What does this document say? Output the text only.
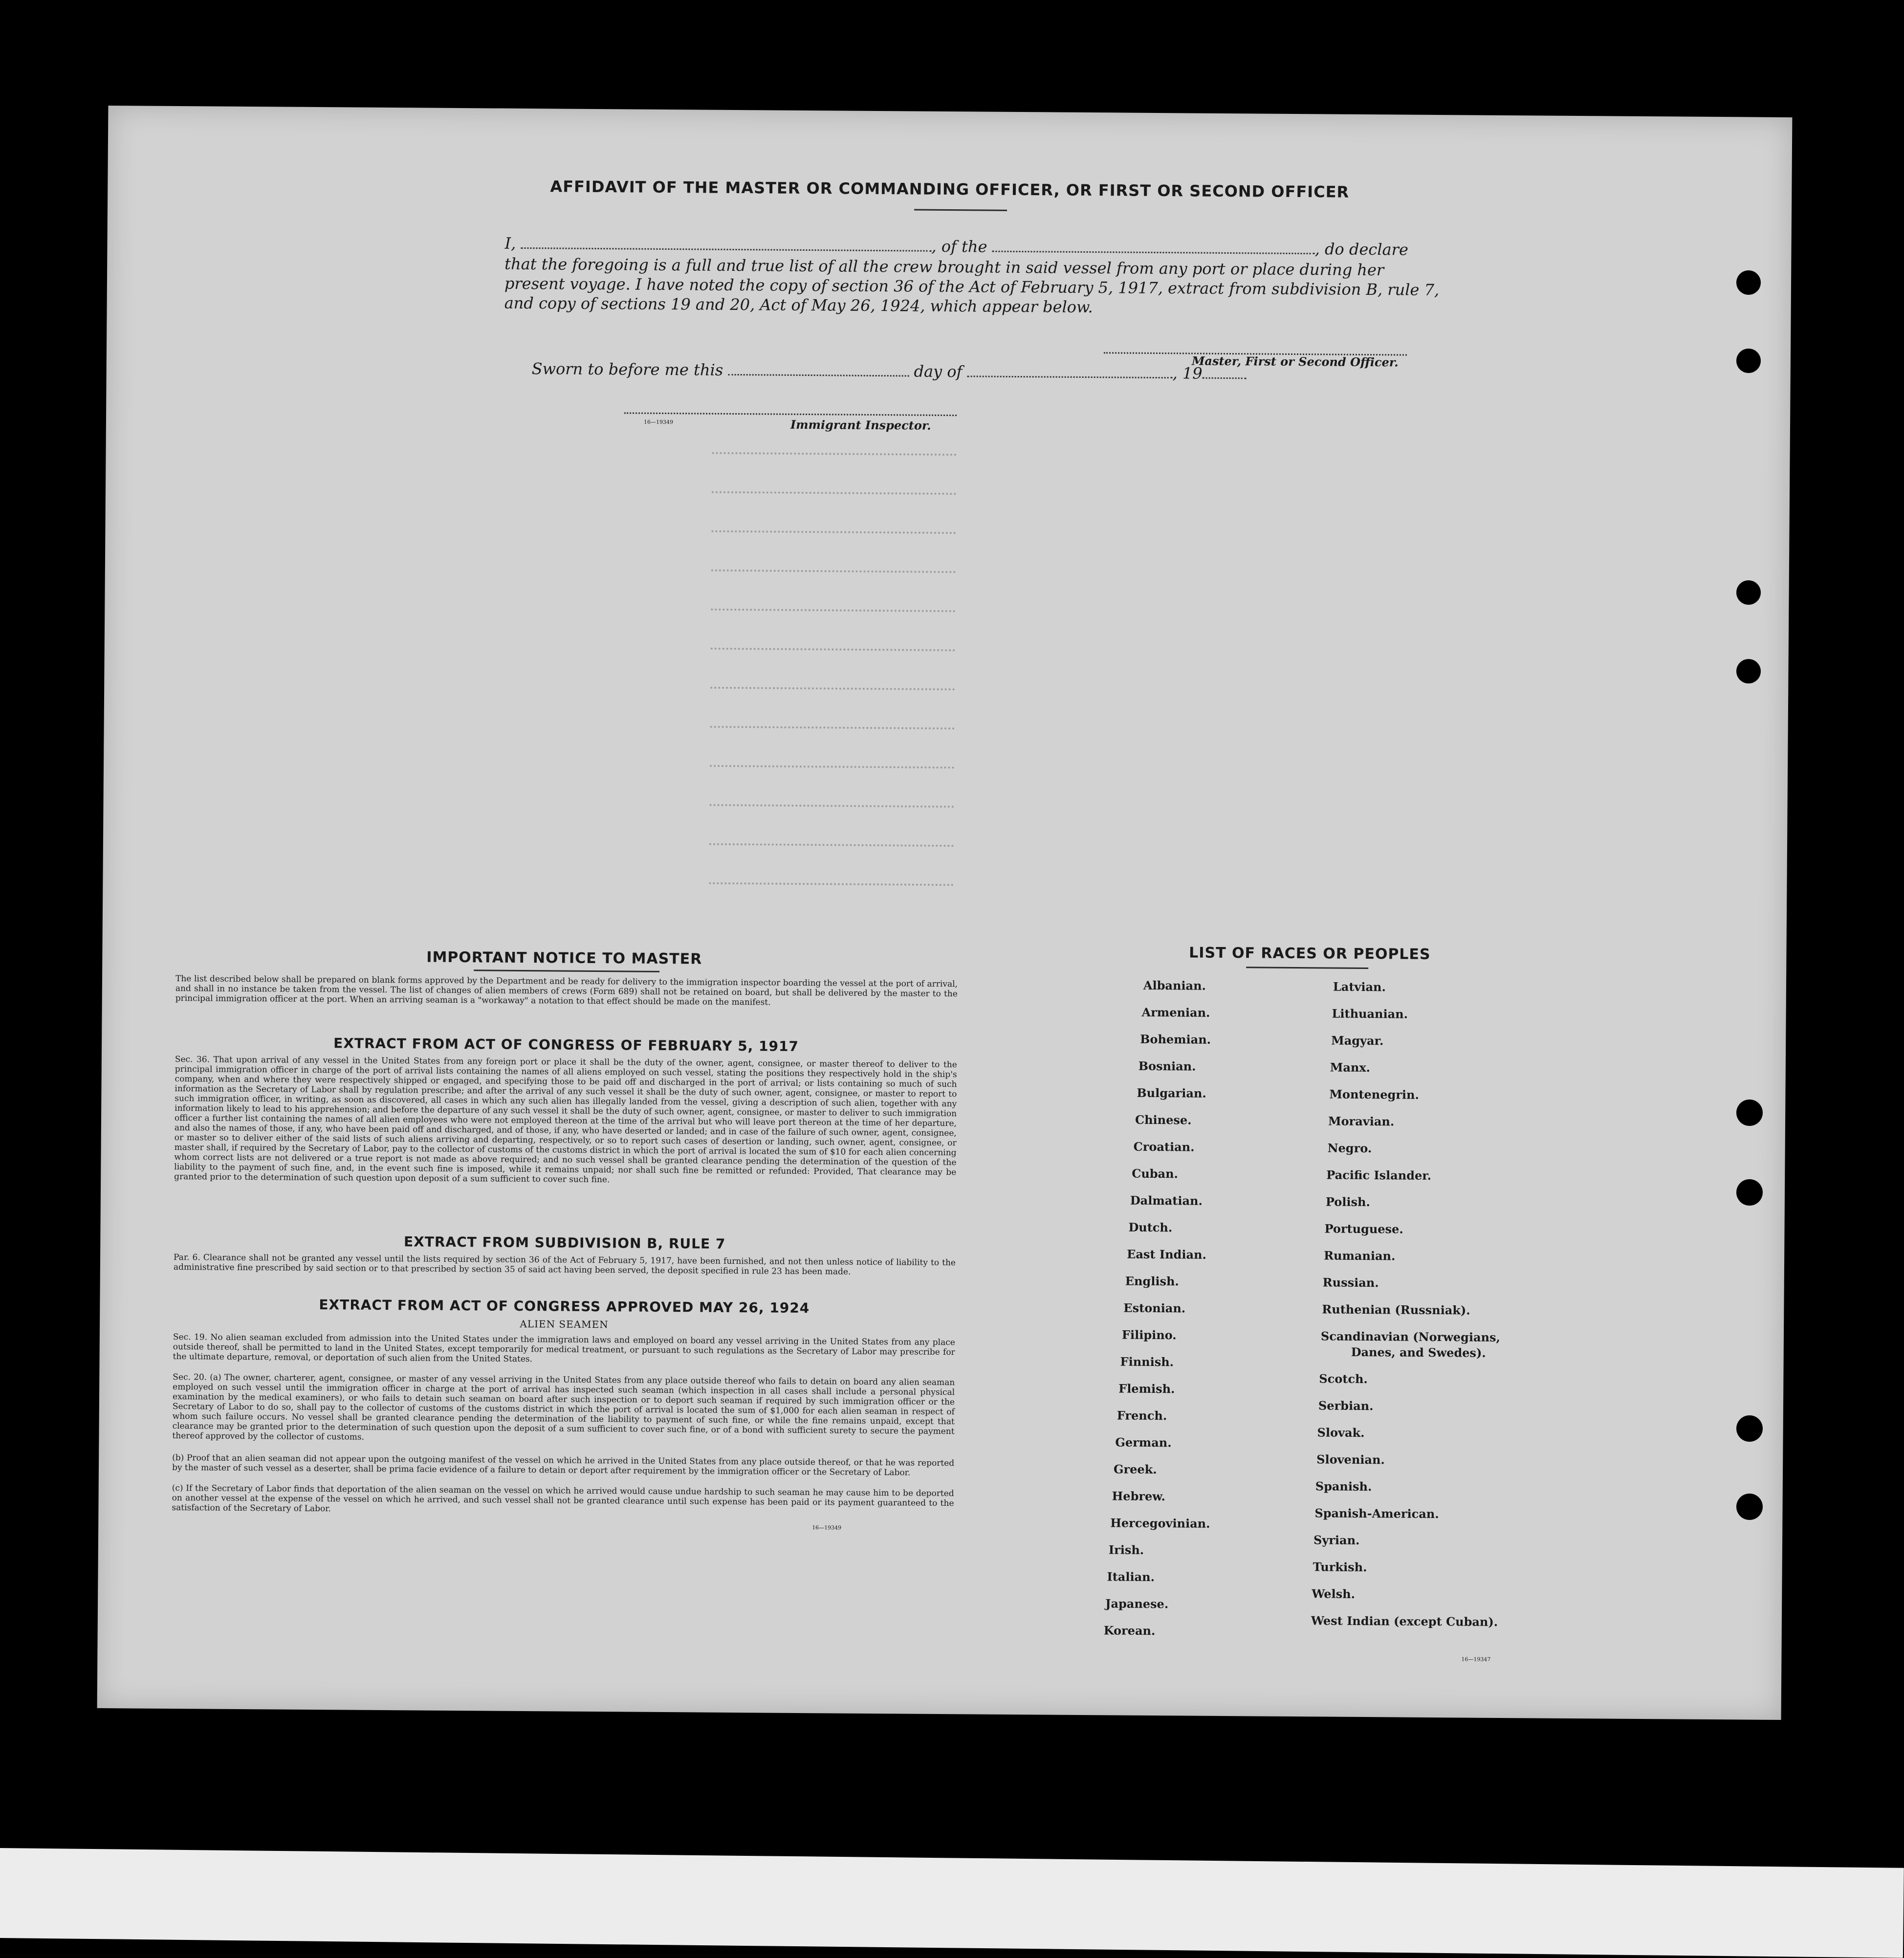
AFFIDAVIT OF THE MASTER OR COMMANDING OFFICER, OR FIRST OR SECOND OFFICER
I,	, of the	, do declare
that the foregoing is a full and true list of all the crew brought in said vessel from any port or place during her present voyage. I have noted the copy of section 36 of the Act of February 5, 1917, extract from subdivision B, rule 7, and copy of sections 19 and 20, Act of May 26, 1924, which appear below.
Master, First or Second Officer.
Sworn to before me this	day of	, 19
16—19349	Immigrant Inspector.
IMPORTANT NOTICE TO MASTER
The list described below shall be prepared on blank forms approved by the Department and be ready for delivery to the immigration inspector boarding the vessel at the port of arrival, and shall in no instance be taken from the vessel. The list of changes of alien members of crews (Form 689) shall not be retained on board, but shall be delivered by the master to the principal immigration officer at the port. When an arriving seaman is a "workaway" a notation to that effect should be made on the manifest.
EXTRACT FROM ACT OF CONGRESS OF FEBRUARY 5, 1917
Sec. 36. That upon arrival of any vessel in the United States from any foreign port or place it shall be the duty of the owner, agent, consignee, or master thereof to deliver to the principal immigration officer in charge of the port of arrival lists containing the names of all aliens employed on such vessel, stating the positions they respectively hold in the ship's company, when and where they were respectively shipped or engaged, and specifying those to be paid off and discharged in the port of arrival; or lists containing so much of such information as the Secretary of Labor shall by regulation prescribe; and after the arrival of any such vessel it shall be the duty of such owner, agent, consignee, or master to report to such immigration officer, in writing, as soon as discovered, all cases in which any such alien has illegally landed from the vessel, giving a description of such alien, together with any information likely to lead to his apprehension; and before the departure of any such vessel it shall be the duty of such owner, agent, consignee, or master to deliver to such immigration officer a further list containing the names of all alien employees who were not employed thereon at the time of the arrival but who will leave port thereon at the time of her departure, and also the names of those, if any, who have been paid off and discharged, and of those, if any, who have deserted or landed; and in case of the failure of such owner, agent, consignee, or master so to deliver either of the said lists of such aliens arriving and departing, respectively, or so to report such cases of desertion or landing, such owner, agent, consignee, or master shall, if required by the Secretary of Labor, pay to the collector of customs of the customs district in which the port of arrival is located the sum of $10 for each alien concerning whom correct lists are not delivered or a true report is not made as above required; and no such vessel shall be granted clearance pending the determination of the question of the liability to the payment of such fine, and, in the event such fine is imposed, while it remains unpaid; nor shall such fine be remitted or refunded: Provided, That clearance may be granted prior to the determination of such question upon deposit of a sum sufficient to cover such fine.
EXTRACT FROM SUBDIVISION B, RULE 7
Par. 6. Clearance shall not be granted any vessel until the lists required by section 36 of the Act of February 5, 1917, have been furnished, and not then unless notice of liability to the administrative fine prescribed by said section or to that prescribed by section 35 of said act having been served, the deposit specified in rule 23 has been made.
EXTRACT FROM ACT OF CONGRESS APPROVED MAY 26, 1924
ALIEN SEAMEN
Sec. 19. No alien seaman excluded from admission into the United States under the immigration laws and employed on board any vessel arriving in the United States from any place outside thereof, shall be permitted to land in the United States, except temporarily for medical treatment, or pursuant to such regulations as the Secretary of Labor may prescribe for the ultimate departure, removal, or deportation of such alien from the United States.
Sec. 20. (a) The owner, charterer, agent, consignee, or master of any vessel arriving in the United States from any place outside thereof who fails to detain on board any alien seaman employed on such vessel until the immigration officer in charge at the port of arrival has inspected such seaman (which inspection in all cases shall include a personal physical examination by the medical examiners), or who fails to detain such seaman on board after such inspection or to deport such seaman if required by such immigration officer or the Secretary of Labor to do so, shall pay to the collector of customs of the customs district in which the port of arrival is located the sum of $1,000 for each alien seaman in respect of whom such failure occurs. No vessel shall be granted clearance pending the determination of the liability to payment of such fine, or while the fine remains unpaid, except that clearance may be granted prior to the determination of such question upon the deposit of a sum sufficient to cover such fine, or of a bond with sufficient surety to secure the payment thereof approved by the collector of customs.
(b) Proof that an alien seaman did not appear upon the outgoing manifest of the vessel on which he arrived in the United States from any place outside thereof, or that he was reported by the master of such vessel as a deserter, shall be prima facie evidence of a failure to detain or deport after requirement by the immigration officer or the Secretary of Labor.
(c) If the Secretary of Labor finds that deportation of the alien seaman on the vessel on which he arrived would cause undue hardship to such seaman he may cause him to be deported on another vessel at the expense of the vessel on which he arrived, and such vessel shall not be granted clearance until such expense has been paid or its payment guaranteed to the satisfaction of the Secretary of Labor.
16—19349
LIST OF RACES OR PEOPLES
16—19347
Albanian.
Armenian.
Bohemian.
Bosnian.
Bulgarian.
Chinese.
Croatian.
Cuban.
Dalmatian.
Dutch.
East Indian.
English.
Estonian.
Filipino.
Finnish.
Flemish.
French.
German.
Greek.
Hebrew.
Hercegovinian.
Irish.
Italian.
Japanese.
Korean.
Latvian.
Lithuanian.
Magyar.
Manx.
Montenegrin.
Moravian.
Negro.
Pacific Islander.
Polish.
Portuguese.
Rumanian.
Russian.
Ruthenian (Russniak).
Scandinavian (Norwegians,
Danes, and Swedes).
Scotch.
Serbian.
Slovak.
Slovenian.
Spanish.
Spanish-American.
Syrian.
Turkish.
Welsh.
West Indian (except Cuban).
